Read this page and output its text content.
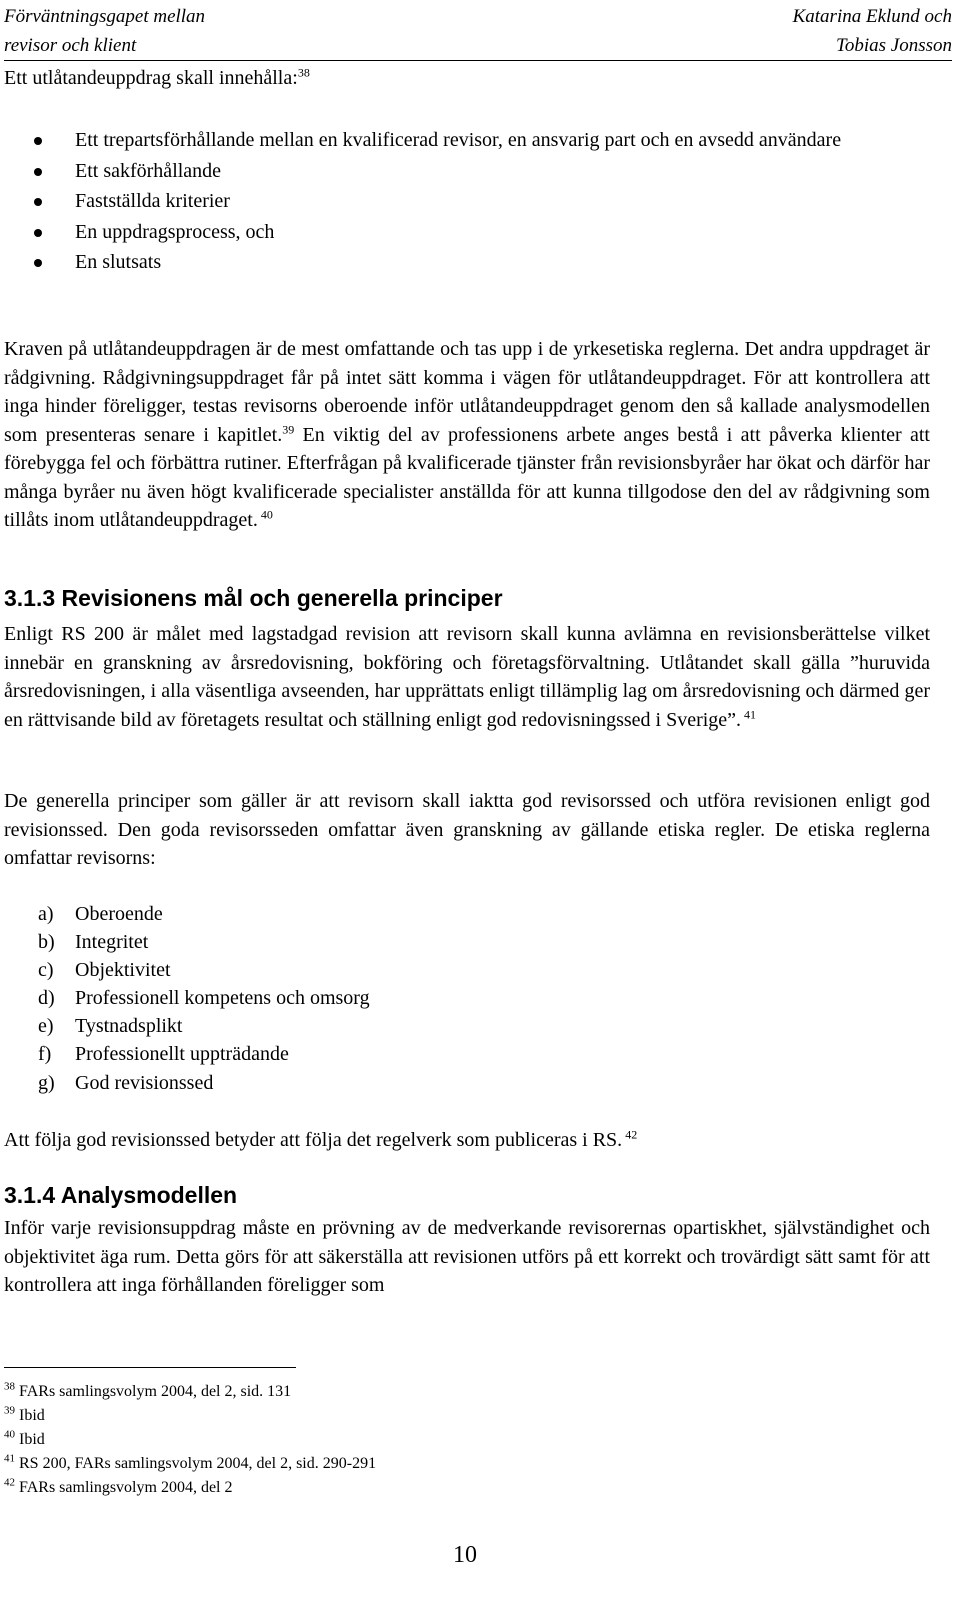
Förväntningsgapet mellan
revisor och klient
Katarina Eklund och
Tobias Jonsson
Ett utlåtandeuppdrag skall innehålla:$^{38}$
Ett trepartsförhållande mellan en kvalificerad revisor, en ansvarig part och en avsedd användare
Ett sakförhållande
Fastställda kriterier
En uppdragsprocess, och
En slutsats

Kraven på utlåtandeuppdragen är de mest omfattande och tas upp i de yrkesetiska reglerna. Det andra uppdraget är rådgivning. Rådgivningsuppdraget får på intet sätt komma i vägen för utlåtandeuppdraget. För att kontrollera att inga hinder föreligger, testas revisorns oberoende inför utlåtandeuppdraget genom den så kallade analysmodellen som presenteras senare i kapitlet.$^{39}$ En viktig del av professionens arbete anges bestå i att påverka klienter att förebygga fel och förbättra rutiner. Efterfrågan på kvalificerade tjänster från revisionsbyråer har ökat och därför har många byråer nu även högt kvalificerade specialister anställda för att kunna tillgodose den del av rådgivning som tillåts inom utlåtandeuppdraget. $^{40}$

3.1.3 Revisionens mål och generella principer

Enligt RS 200 är målet med lagstadgad revision att revisorn skall kunna avlämna en revisionsberättelse vilket innebär en granskning av årsredovisning, bokföring och företagsförvaltning. Utlåtandet skall gälla ”huruvida årsredovisningen, i alla väsentliga avseenden, har upprättats enligt tillämplig lag om årsredovisning och därmed ger en rättvisande bild av företagets resultat och ställning enligt god redovisningssed i Sverige”. $^{41}$

De generella principer som gäller är att revisorn skall iaktta god revisorssed och utföra revisionen enligt god revisionssed. Den goda revisorsseden omfattar även granskning av gällande etiska regler. De etiska reglerna omfattar revisorns:

a) Oberoende
b) Integritet
c) Objektivitet
d) Professionell kompetens och omsorg
e) Tystnadsplikt
f) Professionellt uppträdande
g) God revisionssed
Att följa god revisionssed betyder att följa det regelverk som publiceras i RS. $^{42}$
3.1.4 Analysmodellen

Inför varje revisionsuppdrag måste en prövning av de medverkande revisorernas opartiskhet, självständighet och objektivitet äga rum. Detta görs för att säkerställa att revisionen utförs på ett korrekt och trovärdigt sätt samt för att kontrollera att inga förhållanden föreligger som

$^{38}$ FARs samlingsvolym 2004, del 2, sid. 131
$^{39}$ Ibid
$^{40}$ Ibid
$^{41}$ RS 200, FARs samlingsvolym 2004, del 2, sid. 290-291
$^{42}$ FARs samlingsvolym 2004, del 2
10
